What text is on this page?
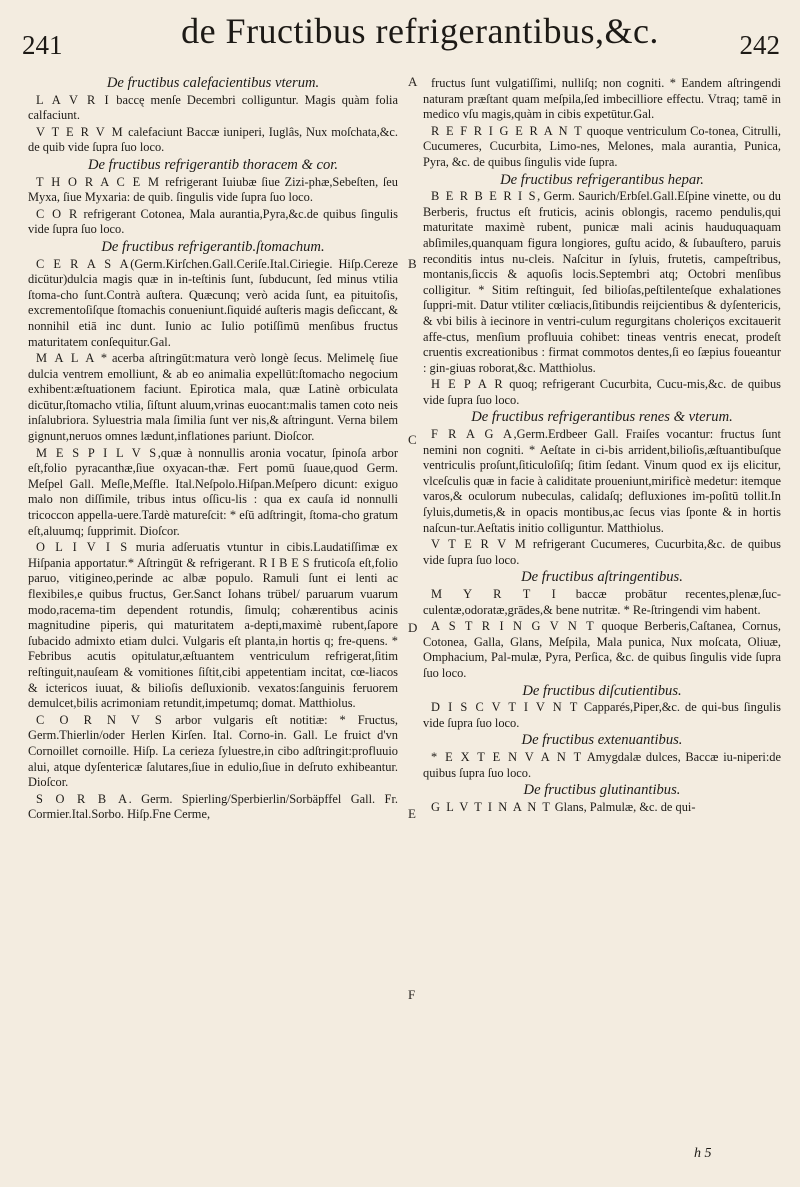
241	de Fructibus refrigerantibus,&c.	242
De fructibus calefacientibus vterum.

L A V R I baccę menſe Decembri colliguntur. Magis quàm folia calfaciunt.

V T E R V M calefaciunt Baccæ iuniperi, Iuglâs, Nux moſchata,&c. de quib vide ſupra ſuo loco.

De fructibus refrigerantib thoracem & cor.

T H O R A C E M refrigerant Iuiubæ ſiue Zizi-phæ,Sebeſten, ſeu Myxa, ſiue Myxaria: de quib. ſingulis vide ſupra ſuo loco.

C O R refrigerant Cotonea, Mala aurantia,Pyra,&c.de quibus ſingulis vide ſupra ſuo loco.

De fructibus refrigerantib.ſtomachum.

C E R A S A(Germ.Kirſchen.Gall.Ceriſe.Ital.Ciriegie. Hiſp.Cereze dicütur)dulcia magis quæ in in-teſtinis ſunt, ſubducunt, ſed minus vtilia ſtoma-cho ſunt.Contrà auſtera. Quæcunq; verò acida ſunt, ea pituitoſis, excrementoſiſque ſtomachis conueniunt.ſiquidé auſteris magis deſiccant, & nonnihil etiā inc dunt. Iunio ac Iulio potiſſimū menſibus fructus maturitatem conſequitur.Gal.

M A L A * acerba aſtringūt:matura verò longè ſecus. Melimelę ſiue dulcia ventrem emolliunt, & ab eo animalia expellūt:ſtomacho negocium exhibent:æſtuationem faciunt. Epirotica mala, quæ Latinè orbiculata dicūtur,ſtomacho vtilia, ſiſtunt aluum,vrinas euocant:malis tamen coto neis inſalubriora. Syluestria mala ſimilia ſunt ver nis,& aſtringunt. Verna bilem gignunt,neruos omnes lædunt,inflationes pariunt. Dioſcor.

M E S P I L V S,quæ à nonnullis aronia vocatur, ſpinoſa arbor eſt,folio pyracanthæ,ſiue oxyacan-thæ. Fert pomū ſuaue,quod Germ. Meſpel Gall. Meſle,Meſfle. Ital.Neſpolo.Hiſpan.Meſpero dicunt: exiguo malo non diſſimile, tribus intus oſſicu-lis : qua ex cauſa id nonnulli tricoccon appella-uere.Tardè matureſcit: * eſū adſtringit, ſtoma-cho gratum eſt,aluumq; ſupprimit. Dioſcor.

O L I V I S muria adſeruatis vtuntur in cibis.Laudatiſſimæ ex Hiſpania apportatur.* Aſtringūt & refrigerant. R I B E S fruticoſa eſt,folio paruo, vitigineo,perinde ac albæ populo. Ramuli ſunt ei lenti ac flexibiles,e quibus fructus, Ger.Sanct Iohans trübel/ paruarum vuarum modo,racema-tim dependent rotundis, ſimulq; cohærentibus acinis magnitudine piperis, qui maturitatem a-depti,maximè rubent,ſapore ſubacido admixto etiam dulci. Vulgaris eſt planta,in hortis q; fre-quens. * Febribus acutis opitulatur,æſtuantem ventriculum refrigerat,ſitim reſtinguit,nauſeam & vomitiones ſiſtit,cibi appetentiam incitat, cœ-liacos & ictericos iuuat, & bilioſis deſluxionib. vexatos:ſanguinis feruorem demulcet,bilis acrimoniam retundit,impetumq; domat. Matthiolus.

C O R N V S arbor vulgaris eſt notitiæ: * Fructus, Germ.Thierlin/oder Herlen Kirſen. Ital. Corno-in. Gall. Le fruict d'vn Cornoillet cornoille. Hiſp. La cerieza ſyluestre,in cibo adſtringit:profluuio alui, atque dyſentericæ ſalutares,ſiue in edulio,ſiue in deſruto exhibeantur. Dioſcor.

S O R B A. Germ. Spierling/Sperbierlin/Sorbäpffel Gall. Fr. Cormier.Ital.Sorbo. Hiſp.Fne Cerme,

fructus ſunt vulgatiſſimi, nulliſq; non cogniti. * Eandem aſtringendi naturam præſtant quam meſpila,ſed imbecilliore effectu. Vtraq; tamē in medico vſu magis,quàm in cibis expetūtur.Gal.

R E F R I G E R A N T quoque ventriculum Co-tonea, Citrulli, Cucumeres, Cucurbita, Limo-nes, Melones, mala aurantia, Punica, Pyra, &c. de quibus ſingulis vide ſupra.

De fructibus refrigerantibus hepar.

B E R B E R I S, Germ. Saurich/Erbſel.Gall.Eſpine vinette, ou du Berberis, fructus eſt fruticis, acinis oblongis, racemo pendulis,qui maturitate maximè rubent, punicæ mali acinis hauduquaquam abſimiles,quanquam figura longiores, guſtu acido, & ſubauſtero, paruis reconditis intus nu-cleis. Naſcitur in ſyluis, frutetis, campeſtribus, montanis,ſiccis & aquoſis locis.Septembri atq; Octobri menſibus colligitur. * Sitim reſtinguit, ſed bilioſas,peſtilenteſque exhalationes ſuppri-mit. Datur vtiliter cœliacis,ſitibundis reijcientibus & dyſentericis, & vbi bilis à iecinore in ventri-culum regurgitans choleriços excitauerit affe-ctus, menſium profluuia cohibet: tineas ventris enecat, prodeſt cruentis excreationibus : firmat commotos dentes,ſi eo ſæpius foueantur : gin-giuas roborat,&c. Matthiolus.

H E P A R quoq; refrigerant Cucurbita, Cucu-mis,&c. de quibus vide ſupra ſuo loco.

De fructibus refrigerantibus renes & vterum.

F R A G A,Germ.Erdbeer Gall. Fraiſes vocantur: fructus ſunt nemini non cogniti. * Aeſtate in ci-bis arrident,bilioſis,æſtuantibuſque ventriculis proſunt,ſiticuloſiſq; ſitim ſedant. Vinum quod ex ijs elicitur, vlceſculis quæ in facie à caliditate proueniunt,mirificè medetur: itemque varos,& oculorum nubeculas, calidaſq; defluxiones im-poſitū tollit.In ſyluis,dumetis,& in opacis montibus,ac ſecus vias ſponte & in hortis naſcun-tur.Aeſtatis initio colliguntur. Matthiolus.

V T E R V M refrigerant Cucumeres, Cucurbita,&c. de quibus vide ſupra ſuo loco.

De fructibus aſtringentibus.

M Y R T I baccæ probātur recentes,plenæ,ſuc-culentæ,odoratæ,grādes,& bene nutritæ. * Re-ſtringendi vim habent.

A S T R I N G V N T quoque Berberis,Caſtanea, Cornus, Cotonea, Galla, Glans, Meſpila, Mala punica, Nux moſcata, Oliuæ, Omphacium, Pal-mulæ, Pyra, Perſica, &c. de quibus ſingulis vide ſupra ſuo loco.

De fructibus diſcutientibus.

D I S C V T I V N T Capparés,Piper,&c. de qui-bus ſingulis vide ſupra ſuo loco.

De fructibus extenuantibus.

* E X T E N V A N T Amygdalæ dulces, Baccæ iu-niperi:de quibus ſupra ſuo loco.

De fructibus glutinantibus.

G L V T I N A N T Glans, Palmulæ, &c. de qui-

A
B
C
D
E
F
h 5
